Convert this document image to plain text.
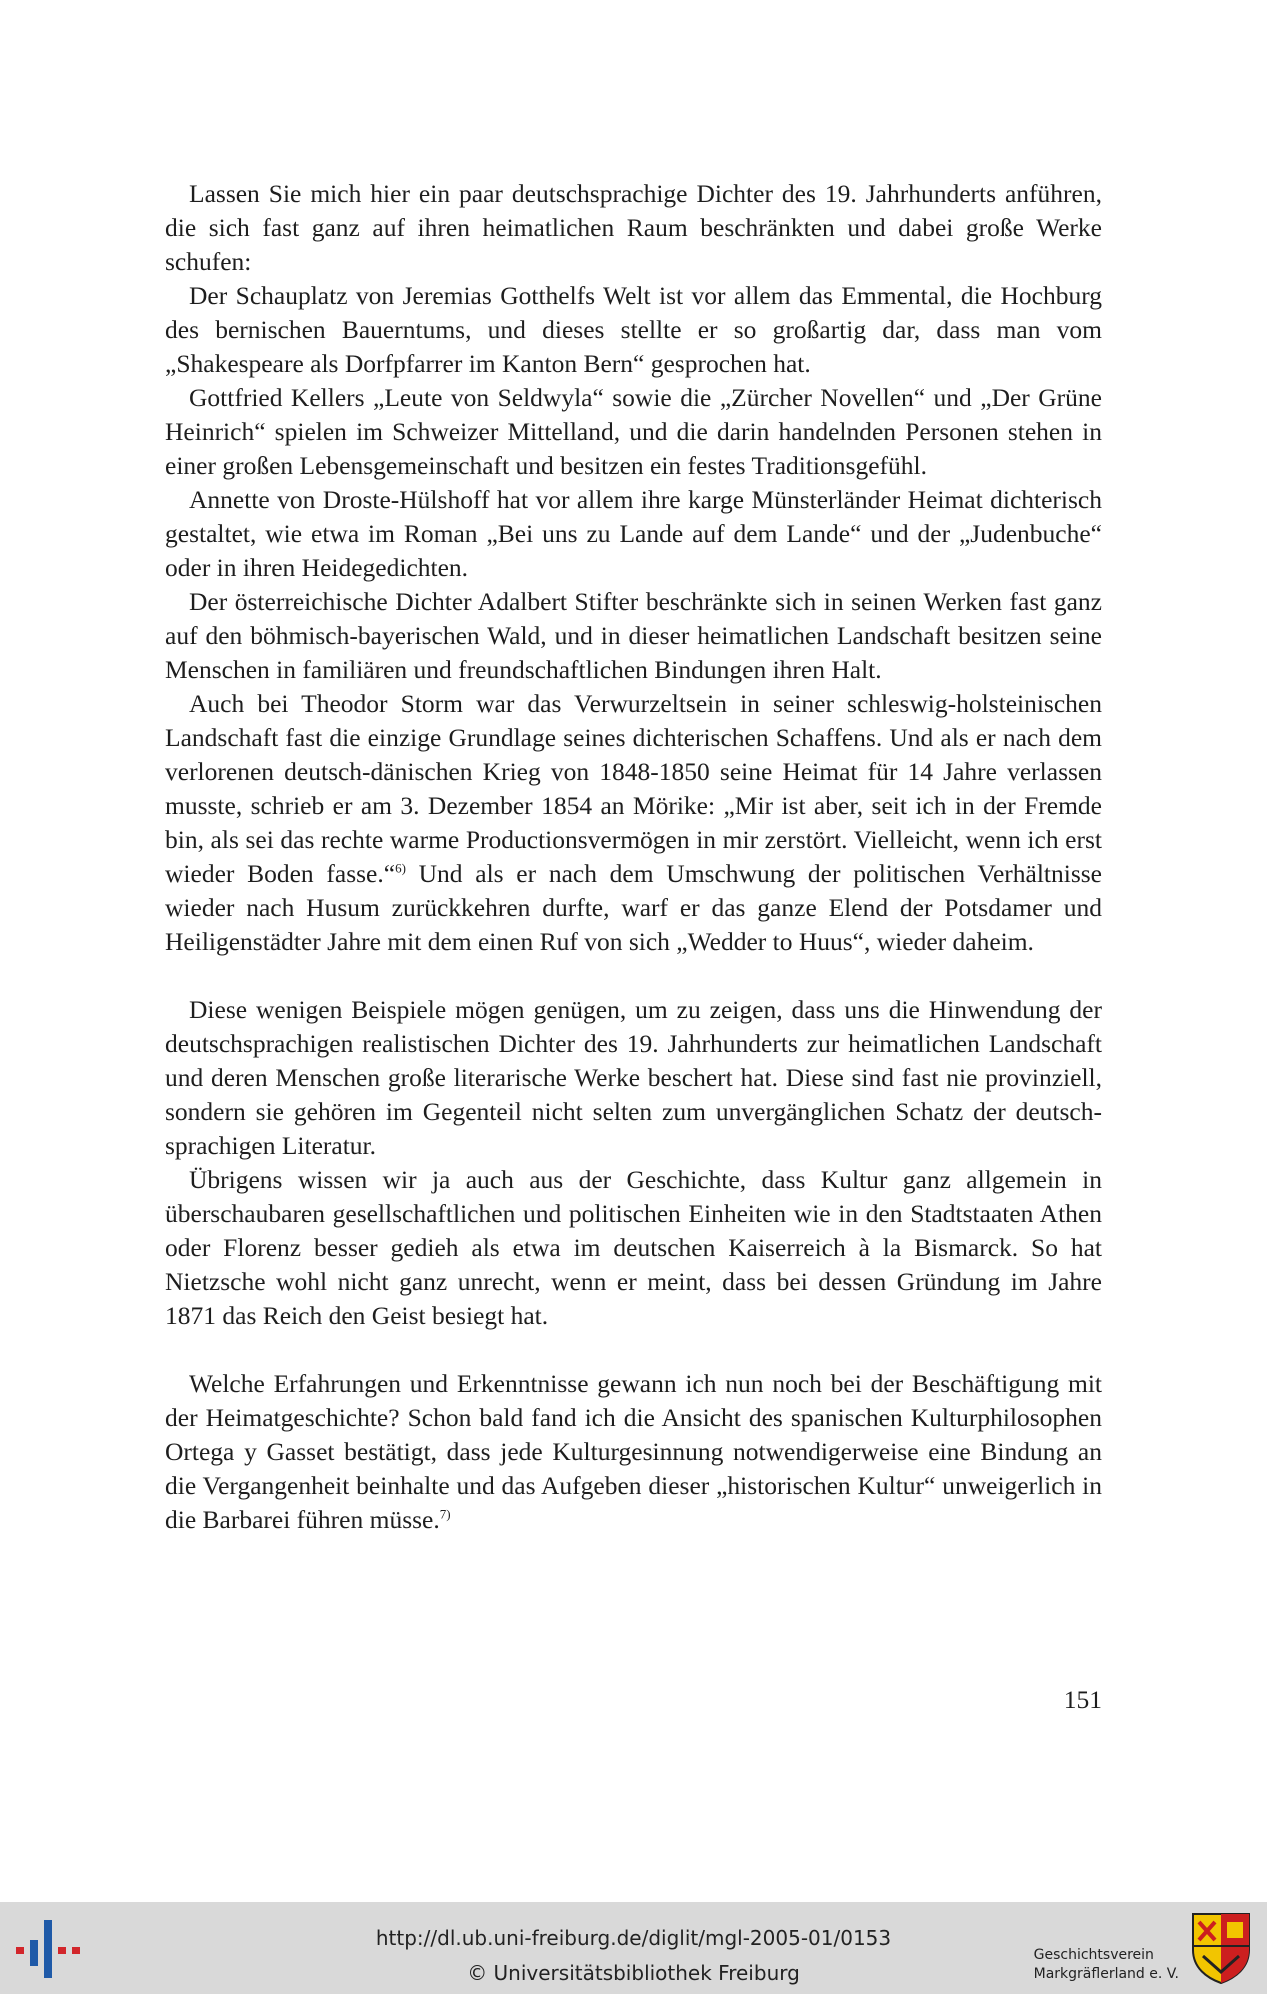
Lassen Sie mich hier ein paar deutschsprachige Dichter des 19. Jahrhunderts anführen, die sich fast ganz auf ihren heimatlichen Raum beschränkten und dabei große Werke schufen:

Der Schauplatz von Jeremias Gotthelfs Welt ist vor allem das Emmental, die Hochburg des bernischen Bauerntums, und dieses stellte er so großartig dar, dass man vom „Shakespeare als Dorfpfarrer im Kanton Bern“ gesprochen hat.

Gottfried Kellers „Leute von Seldwyla“ sowie die „Zürcher Novellen“ und „Der Grüne Heinrich“ spielen im Schweizer Mittelland, und die darin handelnden Personen stehen in einer großen Lebensgemeinschaft und besitzen ein festes Traditionsgefühl.

Annette von Droste-Hülshoff hat vor allem ihre karge Münsterländer Heimat dichterisch gestaltet, wie etwa im Roman „Bei uns zu Lande auf dem Lande“ und der „Judenbuche“ oder in ihren Heidegedichten.

Der österreichische Dichter Adalbert Stifter beschränkte sich in seinen Werken fast ganz auf den böhmisch-bayerischen Wald, und in dieser heimatlichen Landschaft besitzen seine Menschen in familiären und freundschaftlichen Bindungen ihren Halt.

Auch bei Theodor Storm war das Verwurzeltsein in seiner schleswig-holsteinischen Landschaft fast die einzige Grundlage seines dichterischen Schaffens. Und als er nach dem verlorenen deutsch-dänischen Krieg von 1848-1850 seine Heimat für 14 Jahre verlassen musste, schrieb er am 3. Dezember 1854 an Mörike: „Mir ist aber, seit ich in der Fremde bin, als sei das rechte warme Productionsvermögen in mir zerstört. Vielleicht, wenn ich erst wieder Boden fasse.“$^{6)}$ Und als er nach dem Umschwung der politischen Verhältnisse wieder nach Husum zurückkehren durfte, warf er das ganze Elend der Potsdamer und Heiligenstädter Jahre mit dem einen Ruf von sich „Wedder to Huus“, wieder daheim.

Diese wenigen Beispiele mögen genügen, um zu zeigen, dass uns die Hinwendung der deutschsprachigen realistischen Dichter des 19. Jahrhunderts zur heimatlichen Landschaft und deren Menschen große literarische Werke beschert hat. Diese sind fast nie provinziell, sondern sie gehören im Gegenteil nicht selten zum unvergänglichen Schatz der deutsch-sprachigen Literatur.

Übrigens wissen wir ja auch aus der Geschichte, dass Kultur ganz allgemein in überschaubaren gesellschaftlichen und politischen Einheiten wie in den Stadtstaaten Athen oder Florenz besser gedieh als etwa im deutschen Kaiserreich à la Bismarck. So hat Nietzsche wohl nicht ganz unrecht, wenn er meint, dass bei dessen Gründung im Jahre 1871 das Reich den Geist besiegt hat.

Welche Erfahrungen und Erkenntnisse gewann ich nun noch bei der Beschäftigung mit der Heimatgeschichte? Schon bald fand ich die Ansicht des spanischen Kulturphilosophen Ortega y Gasset bestätigt, dass jede Kulturgesinnung notwendigerweise eine Bindung an die Vergangenheit beinhalte und das Aufgeben dieser „historischen Kultur“ unweigerlich in die Barbarei führen müsse.$^{7)}$

151
http://dl.ub.uni-freiburg.de/diglit/mgl-2005-01/0153
© Universitätsbibliothek Freiburg
Geschichtsverein
Markgräflerland e. V.
